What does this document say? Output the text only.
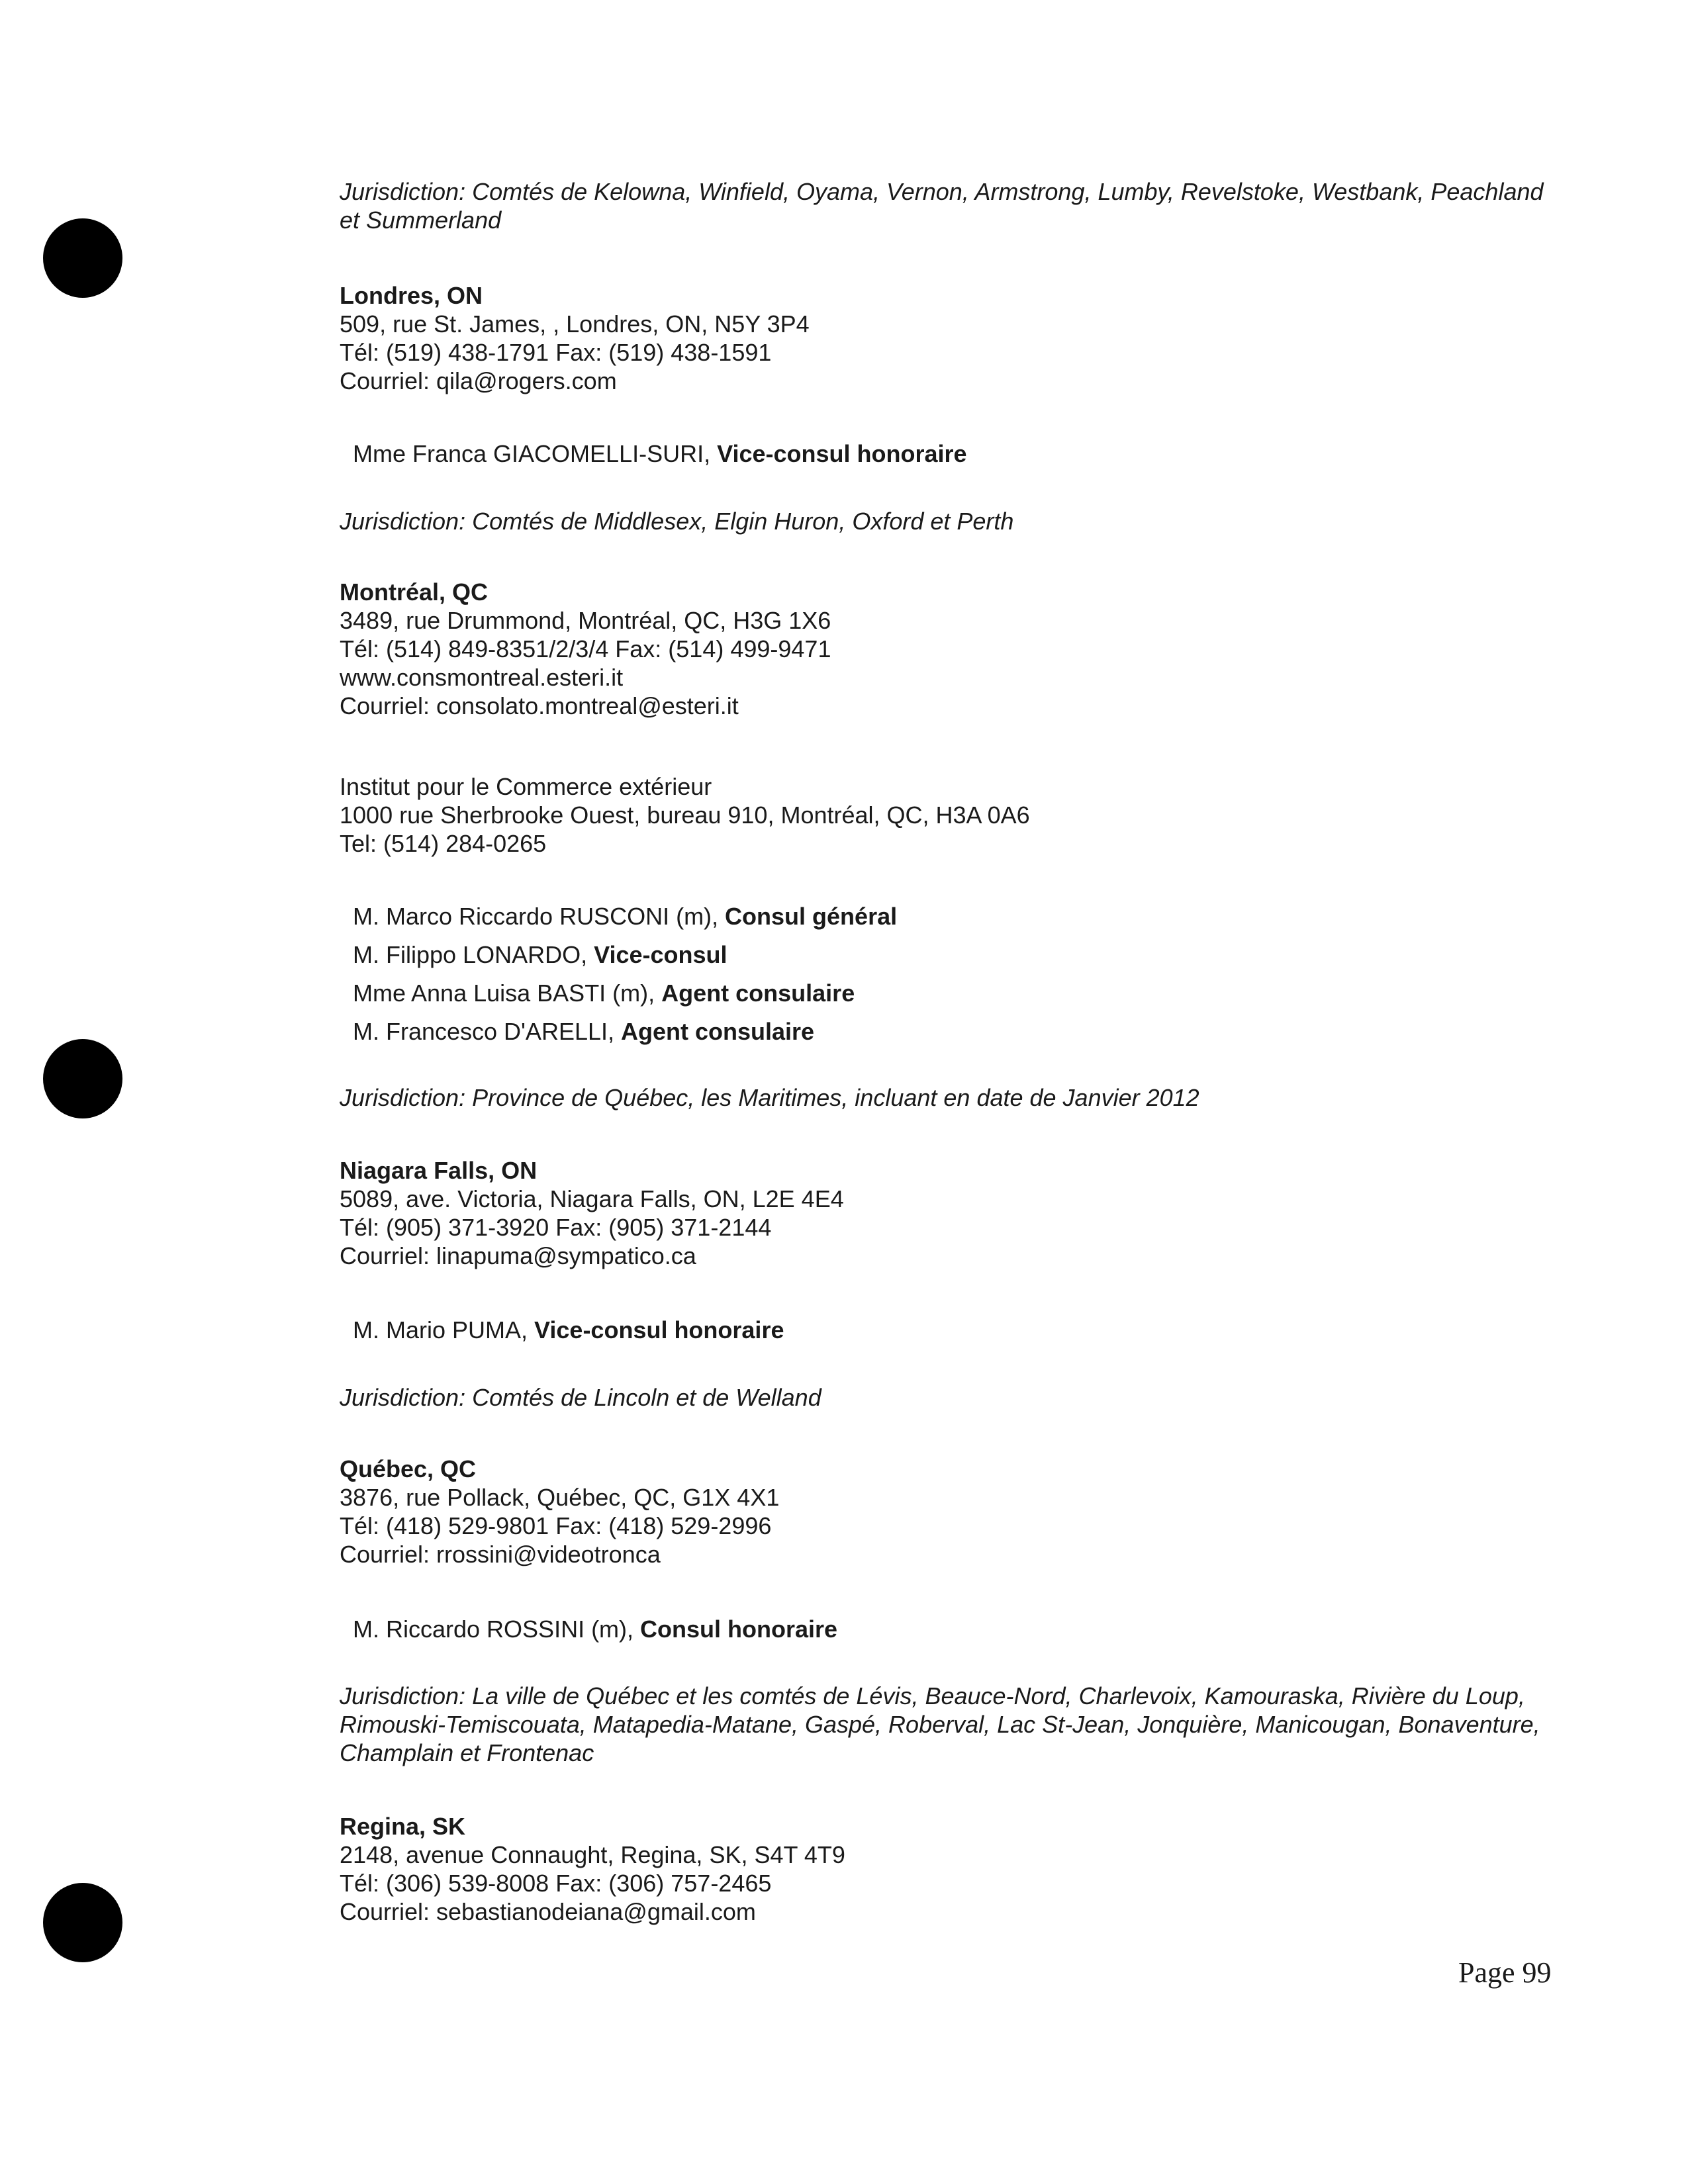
Jurisdiction: Comtés de Kelowna, Winfield, Oyama, Vernon, Armstrong, Lumby, Revelstoke, Westbank, Peachland et Summerland

Londres, ON

509, rue St. James, , Londres, ON, N5Y 3P4

Tél: (519) 438-1791 Fax: (519) 438-1591

Courriel: qila@rogers.com

Mme Franca GIACOMELLI-SURI, Vice-consul honoraire

Jurisdiction: Comtés de Middlesex, Elgin Huron, Oxford et Perth

Montréal, QC

3489, rue Drummond, Montréal, QC, H3G 1X6

Tél: (514) 849-8351/2/3/4 Fax: (514) 499-9471

www.consmontreal.esteri.it

Courriel: consolato.montreal@esteri.it

Institut pour le Commerce extérieur

1000 rue Sherbrooke Ouest, bureau 910, Montréal, QC, H3A 0A6

Tel: (514) 284-0265

M. Marco Riccardo RUSCONI (m), Consul général
M. Filippo LONARDO, Vice-consul
Mme Anna Luisa BASTI (m), Agent consulaire
M. Francesco D'ARELLI, Agent consulaire

Jurisdiction: Province de Québec, les Maritimes, incluant en date de Janvier 2012

Niagara Falls, ON

5089, ave. Victoria, Niagara Falls, ON, L2E 4E4

Tél: (905) 371-3920 Fax: (905) 371-2144

Courriel: linapuma@sympatico.ca

M. Mario PUMA, Vice-consul honoraire

Jurisdiction: Comtés de Lincoln et de Welland

Québec, QC

3876, rue Pollack, Québec, QC, G1X 4X1

Tél: (418) 529-9801 Fax: (418) 529-2996

Courriel: rrossini@videotronca

M. Riccardo ROSSINI (m), Consul honoraire

Jurisdiction: La ville de Québec et les comtés de Lévis, Beauce-Nord, Charlevoix, Kamouraska, Rivière du Loup, Rimouski-Temiscouata, Matapedia-Matane, Gaspé, Roberval, Lac St-Jean, Jonquière, Manicougan, Bonaventure, Champlain et Frontenac

Regina, SK

2148, avenue Connaught, Regina, SK, S4T 4T9

Tél: (306) 539-8008 Fax: (306) 757-2465

Courriel: sebastianodeiana@gmail.com

Page 99
